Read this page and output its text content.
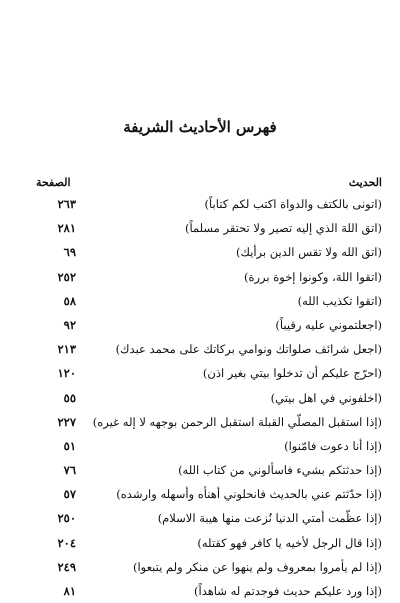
فهرس الأحاديث الشريفة
الحديث
الصفحة
(اتونى بالكتف والدواة اكتب لكم كتاباً)
٢٦٣
(اتق اللهَ الذي إليه تصير ولا تحتقر مسلماً)
٢٨١
(اتق الله ولا تقس الدين برأيك)
٦٩
(اتقوا اللهَ، وكونوا إخوة بررة)
٢٥٢
(اتقوا تكذيب الله)
٥٨
(اجعلتموني عليه رقيباً)
٩٢
(اجعل شرائف صلواتك ونوامي بركاتك على محمد عبدك)
٢١٣
(احرّج عليكم أن تدخلوا بيتي بغير اذن)
١٢٠
(اخلفوني في اهل بيتي)
٥٥
(إذا استقبل المصلّي القبلة استقبل الرحمن بوجهه لا إله غيره)
٢٢٧
(إذا أنا دعوت فامّنوا)
٥١
(إذا حدثتكم بشيء فاسألوني من كتاب الله)
٧٦
(إذا حدّثتم عني بالحديث فانحلوني أهنأه وأسهله وارشده)
٥٧
(إذا عظّمت أمتي الدنيا نُزعت منها هيبة الاسلام)
٢٥٠
(إذا قال الرجل لأخيه يا كافر فهو كقتله)
٢٠٤
(إذا لم يأمروا بمعروف ولم ينهوا عن منكر ولم يتبعوا)
٢٤٩
(إذا ورد عليكم حديث فوجدتم له شاهداً)
٨١
